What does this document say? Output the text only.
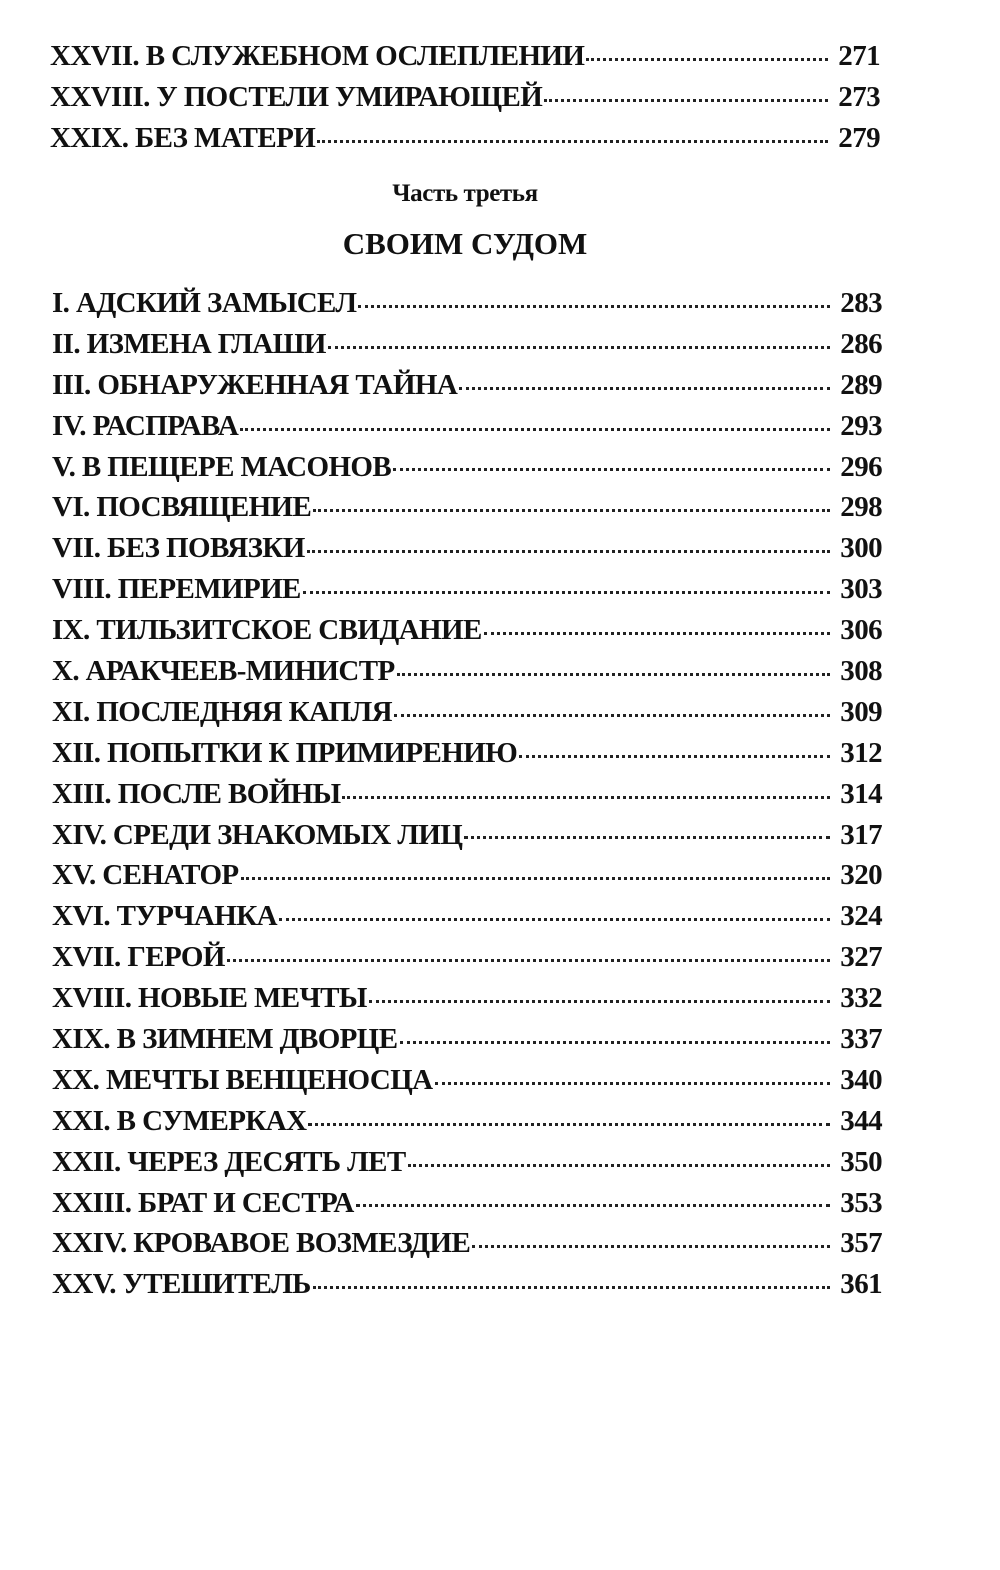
XXVII. В СЛУЖЕБНОМ ОСЛЕПЛЕНИИ	271
XXVIII. У ПОСТЕЛИ УМИРАЮЩЕЙ	273
XXIX. БЕЗ МАТЕРИ	279
Часть третья
СВОИМ СУДОМ
I. АДСКИЙ ЗАМЫСЕЛ	283
II. ИЗМЕНА ГЛАШИ	286
III. ОБНАРУЖЕННАЯ ТАЙНА	289
IV. РАСПРАВА	293
V. В ПЕЩЕРЕ МАСОНОВ	296
VI. ПОСВЯЩЕНИЕ	298
VII. БЕЗ ПОВЯЗКИ	300
VIII. ПЕРЕМИРИЕ	303
IX. ТИЛЬЗИТСКОЕ СВИДАНИЕ	306
X. АРАКЧЕЕВ-МИНИСТР	308
XI. ПОСЛЕДНЯЯ КАПЛЯ	309
XII. ПОПЫТКИ К ПРИМИРЕНИЮ	312
XIII. ПОСЛЕ ВОЙНЫ	314
XIV. СРЕДИ ЗНАКОМЫХ ЛИЦ	317
XV. СЕНАТОР	320
XVI. ТУРЧАНКА	324
XVII. ГЕРОЙ	327
XVIII. НОВЫЕ МЕЧТЫ	332
XIX. В ЗИМНЕМ ДВОРЦЕ	337
XX. МЕЧТЫ ВЕНЦЕНОСЦА	340
XXI. В СУМЕРКАХ	344
XXII. ЧЕРЕЗ ДЕСЯТЬ ЛЕТ	350
XXIII. БРАТ И СЕСТРА	353
XXIV. КРОВАВОЕ ВОЗМЕЗДИЕ	357
XXV. УТЕШИТЕЛЬ	361
